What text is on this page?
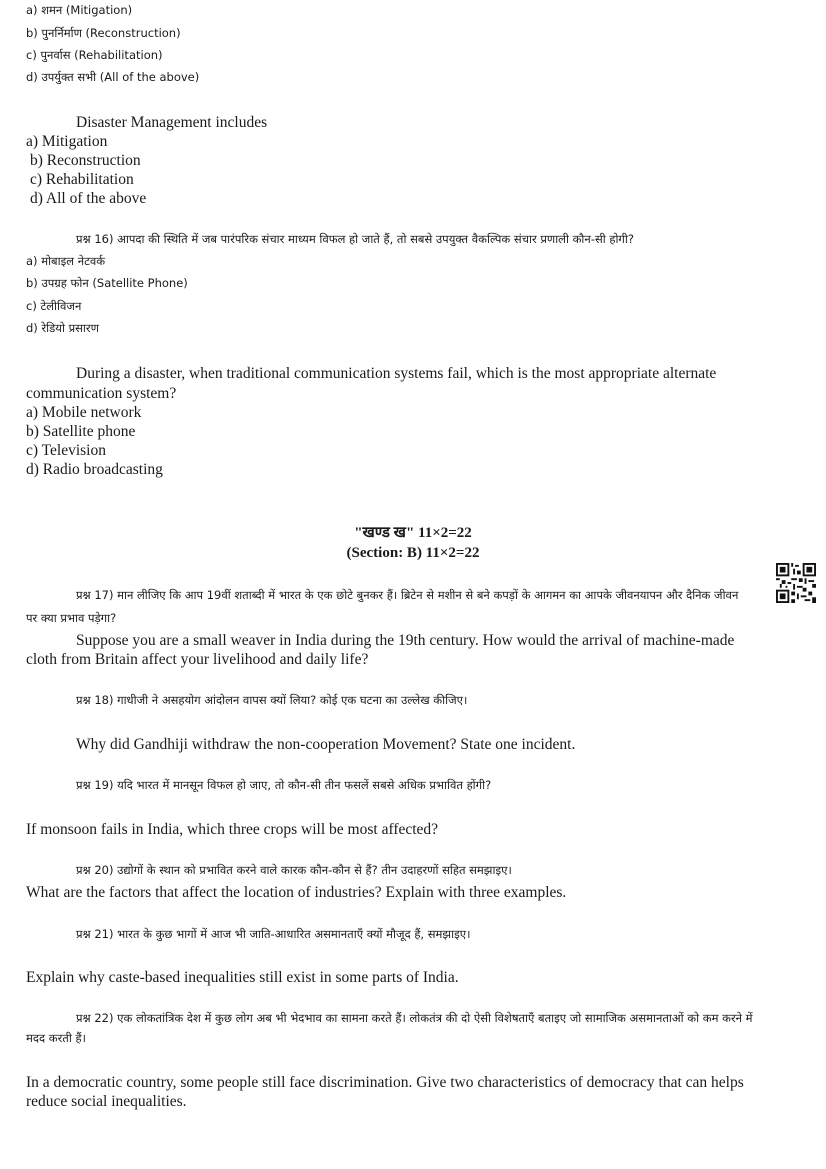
a) शमन (Mitigation)
b) पुनर्निर्माण (Reconstruction)
c) पुनर्वास (Rehabilitation)
d) उपर्युक्त सभी (All of the above)
Disaster Management includes
a) Mitigation
b) Reconstruction
c) Rehabilitation
d) All of the above
प्रश्न 16) आपदा की स्थिति में जब पारंपरिक संचार माध्यम विफल हो जाते हैं, तो सबसे उपयुक्त वैकल्पिक संचार प्रणाली कौन-सी होगी?
a) मोबाइल नेटवर्क
b) उपग्रह फोन (Satellite Phone)
c) टेलीविजन
d) रेडियो प्रसारण
During a disaster, when traditional communication systems fail, which is the most appropriate alternate
communication system?
a) Mobile network
b) Satellite phone
c) Television
d) Radio broadcasting
"खण्ड ख" 11×2=22
(Section: B) 11×2=22
प्रश्न 17) मान लीजिए कि आप 19वीं शताब्दी में भारत के एक छोटे बुनकर हैं। ब्रिटेन से मशीन से बने कपड़ों के आगमन का आपके जीवनयापन और दैनिक जीवन
पर क्या प्रभाव पड़ेगा?
Suppose you are a small weaver in India during the 19th century. How would the arrival of machine-made
cloth from Britain affect your livelihood and daily life?
प्रश्न 18) गाधीजी ने असहयोग आंदोलन वापस क्यों लिया? कोई एक घटना का उल्लेख कीजिए।
Why did Gandhiji withdraw the non-cooperation Movement? State one incident.
प्रश्न 19) यदि भारत में मानसून विफल हो जाए, तो कौन-सी तीन फसलें सबसे अधिक प्रभावित होंगी?
If monsoon fails in India, which three crops will be most affected?
प्रश्न 20) उद्योगों के स्थान को प्रभावित करने वाले कारक कौन-कौन से हैं? तीन उदाहरणों सहित समझाइए।
What are the factors that affect the location of industries? Explain with three examples.
प्रश्न 21) भारत के कुछ भागों में आज भी जाति-आधारित असमानताएँ क्यों मौजूद हैं, समझाइए।
Explain why caste-based inequalities still exist in some parts of India.
प्रश्न 22) एक लोकतांत्रिक देश में कुछ लोग अब भी भेदभाव का सामना करते हैं। लोकतंत्र की दो ऐसी विशेषताएँ बताइए जो सामाजिक असमानताओं को कम करने में
मदद करती हैं।
In a democratic country, some people still face discrimination. Give two characteristics of democracy that can helps
reduce social inequalities.
